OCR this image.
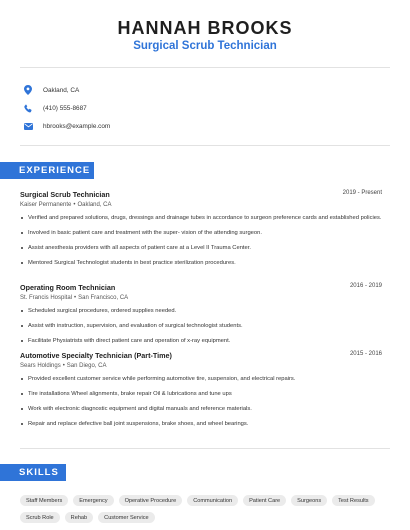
HANNAH BROOKS
Surgical Scrub Technician
Oakland, CA
(410) 555-8687
hbrooks@example.com
EXPERIENCE
Surgical Scrub Technician	2019 - Present
Kaiser Permanente • Oakland, CA
Verified and prepared solutions, drugs, dressings and drainage tubes in accordance to surgeon preference cards and established policies.
Involved in basic patient care and treatment with the super- vision of the attending surgeon.
Assist anesthesia providers with all aspects of patient care at a Level II Trauma Center.
Mentored Surgical Technologist students in best practice sterilization procedures.
Operating Room Technician	2016 - 2019
St. Francis Hospital • San Francisco, CA
Scheduled surgical procedures, ordered supplies needed.
Assist with instruction, supervision, and evaluation of surgical technologist students.
Facilitate Physiatrists with direct patient care and operation of x-ray equipment.
Automotive Specialty Technician (Part-Time)	2015 - 2016
Sears Holdings • San Diego, CA
Provided excellent customer service while performing automotive tire, suspension, and electrical repairs.
Tire installations Wheel alignments, brake repair Oil & lubrications and tune ups
Work with electronic diagnostic equipment and digital manuals and reference materials.
Repair and replace defective ball joint suspensions, brake shoes, and wheel bearings.
SKILLS
Staff Members	Emergency	Operative Procedure	Communication	Patient Care	Surgeons	Test Results
Scrub Role	Rehab	Customer Service
